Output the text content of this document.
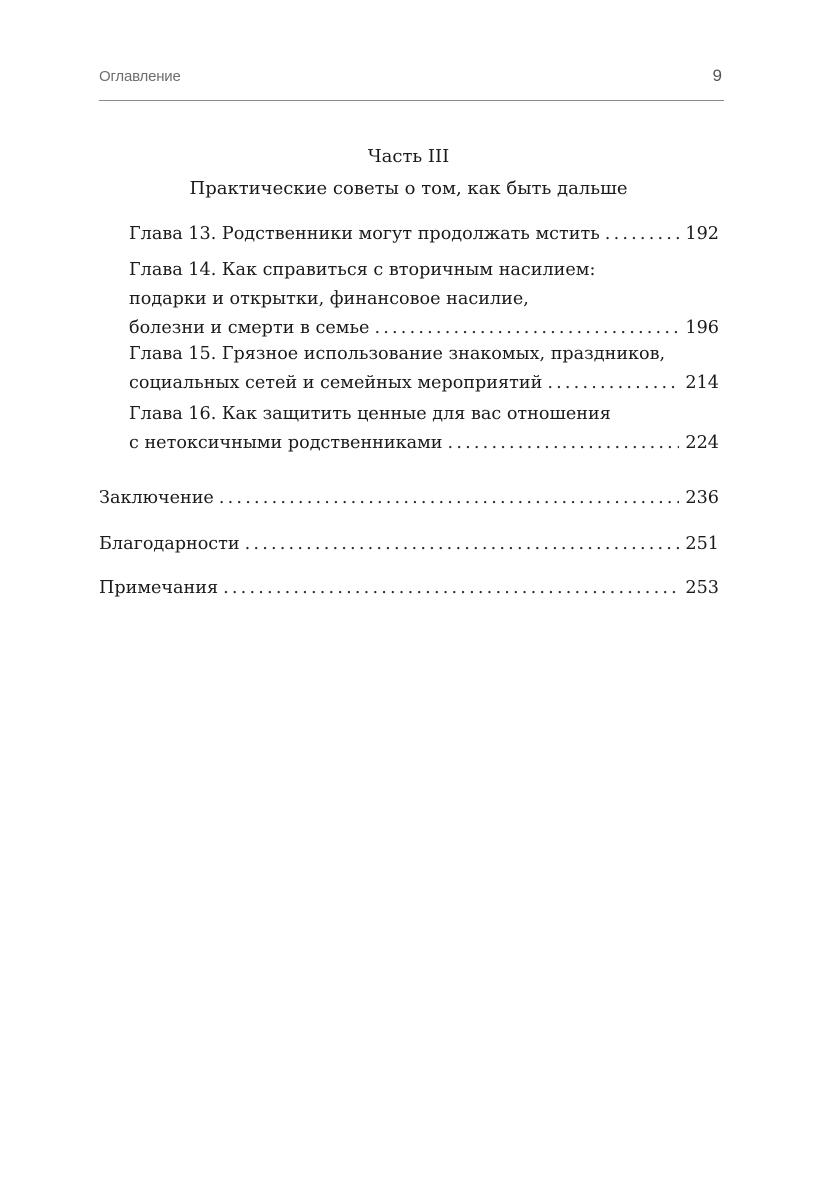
Оглавление	9
Часть III
Практические советы о том, как быть дальше
Глава 13. Родственники могут продолжать мстить . . .	192
Глава 14. Как справиться с вторичным насилием:
подарки и открытки, финансовое насилие,
болезни и смерти в семье . . .	196
Глава 15. Грязное использование знакомых, праздников,
социальных сетей и семейных мероприятий . . .	214
Глава 16. Как защитить ценные для вас отношения
с нетоксичными родственниками . . .	224
Заключение . . .	236
Благодарности . . .	251
Примечания . . .	253
